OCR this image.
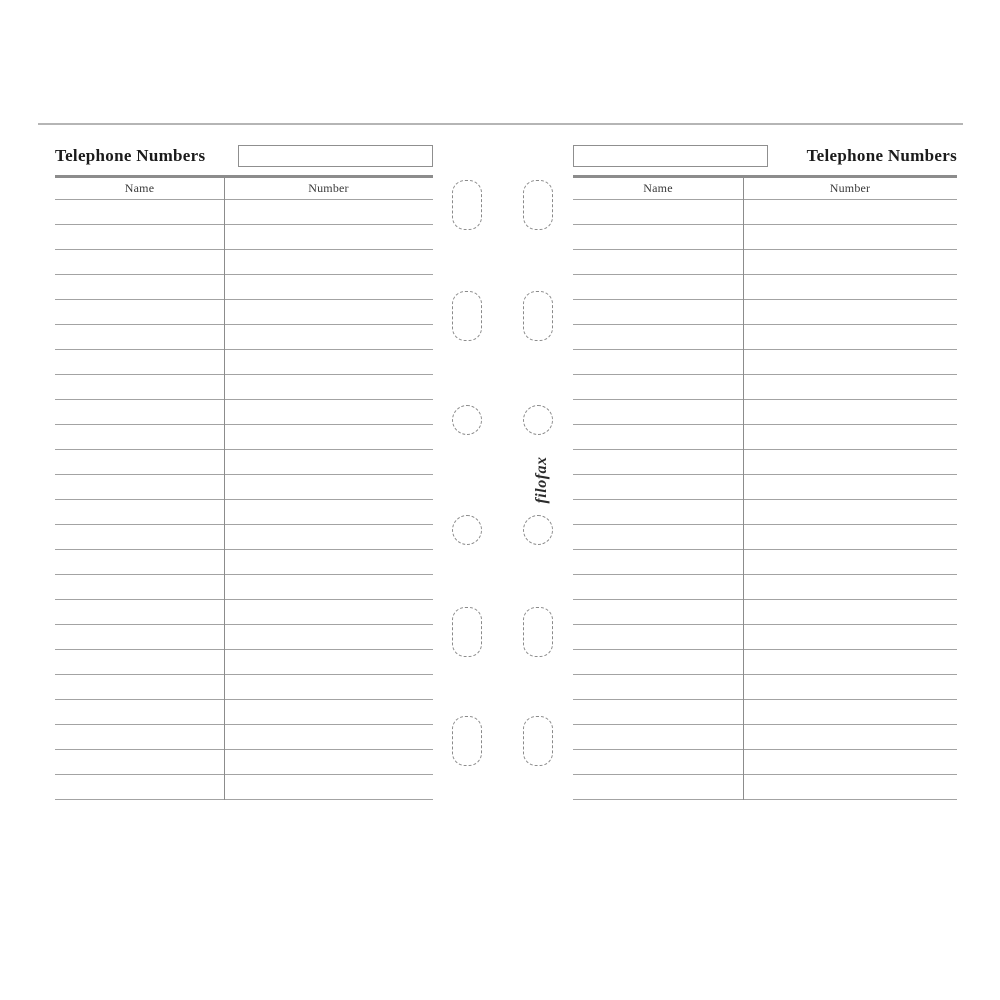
Telephone Numbers
Name	Number
Telephone Numbers
Name	Number
filofax
